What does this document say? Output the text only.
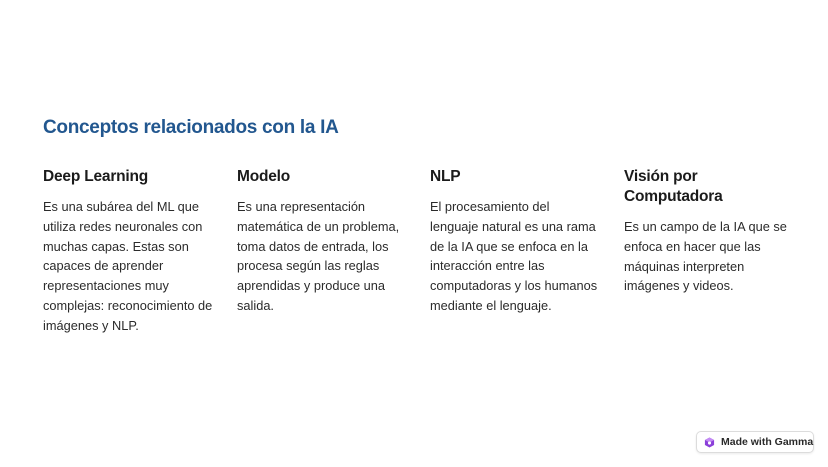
Conceptos relacionados con la IA
Deep Learning

Es una subárea del ML que utiliza redes neuronales con muchas capas. Estas son capaces de aprender representaciones muy complejas: reconocimiento de imágenes y NLP.

Modelo

Es una representación matemática de un problema, toma datos de entrada, los procesa según las reglas aprendidas y produce una salida.

NLP

El procesamiento del lenguaje natural es una rama de la IA que se enfoca en la interacción entre las computadoras y los humanos mediante el lenguaje.

Visión por Computadora

Es un campo de la IA que se enfoca en hacer que las máquinas interpreten imágenes y videos.

Made with Gamma
